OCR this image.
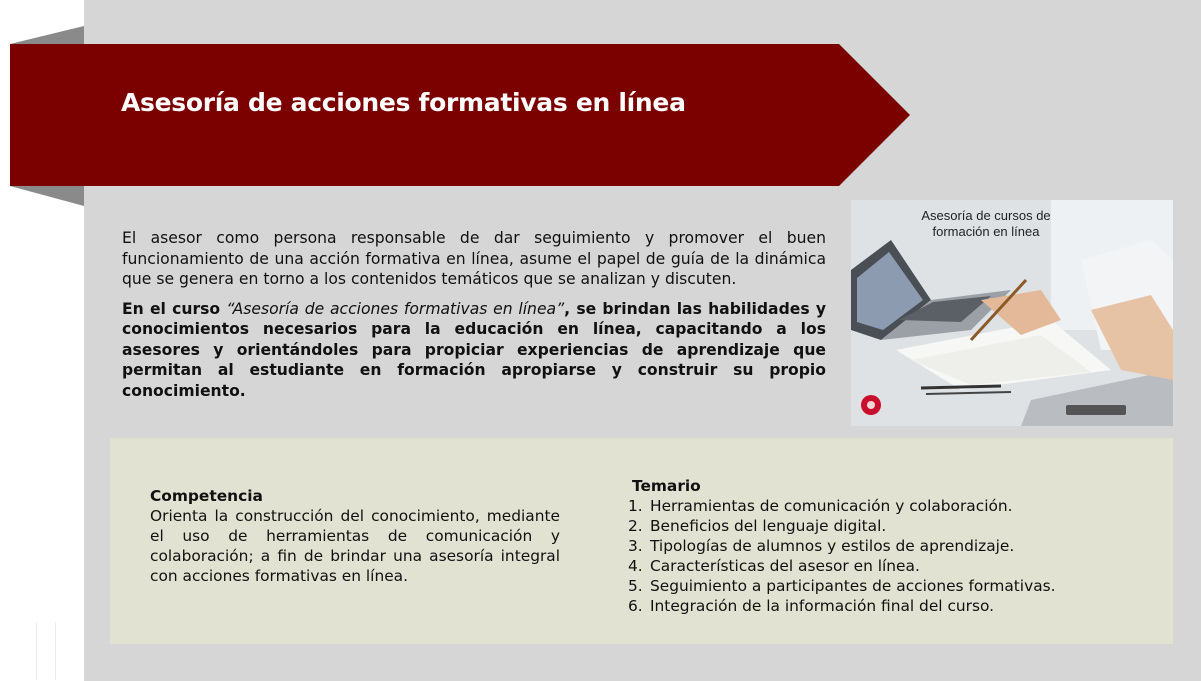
Asesoría de acciones formativas en línea

El asesor como persona responsable de dar seguimiento y promover el buen funcionamiento de una acción formativa en línea, asume el papel de guía de la dinámica que se genera en torno a los contenidos temáticos que se analizan y discuten.

En el curso “Asesoría de acciones formativas en línea”, se brindan las habilidades y conocimientos necesarios para la educación en línea, capacitando a los asesores y orientándoles para propiciar experiencias de aprendizaje que permitan al estudiante en formación apropiarse y construir su propio conocimiento.

Asesoría de cursos de formación en línea
Competencia

Orienta la construcción del conocimiento, mediante el uso de herramientas de comunicación y colaboración; a fin de brindar una asesoría integral con acciones formativas en línea.

Temario
1. Herramientas de comunicación y colaboración.
2. Beneficios del lenguaje digital.
3. Tipologías de alumnos y estilos de aprendizaje.
4. Características del asesor en línea.
5. Seguimiento a participantes de acciones formativas.
6. Integración de la información final del curso.
